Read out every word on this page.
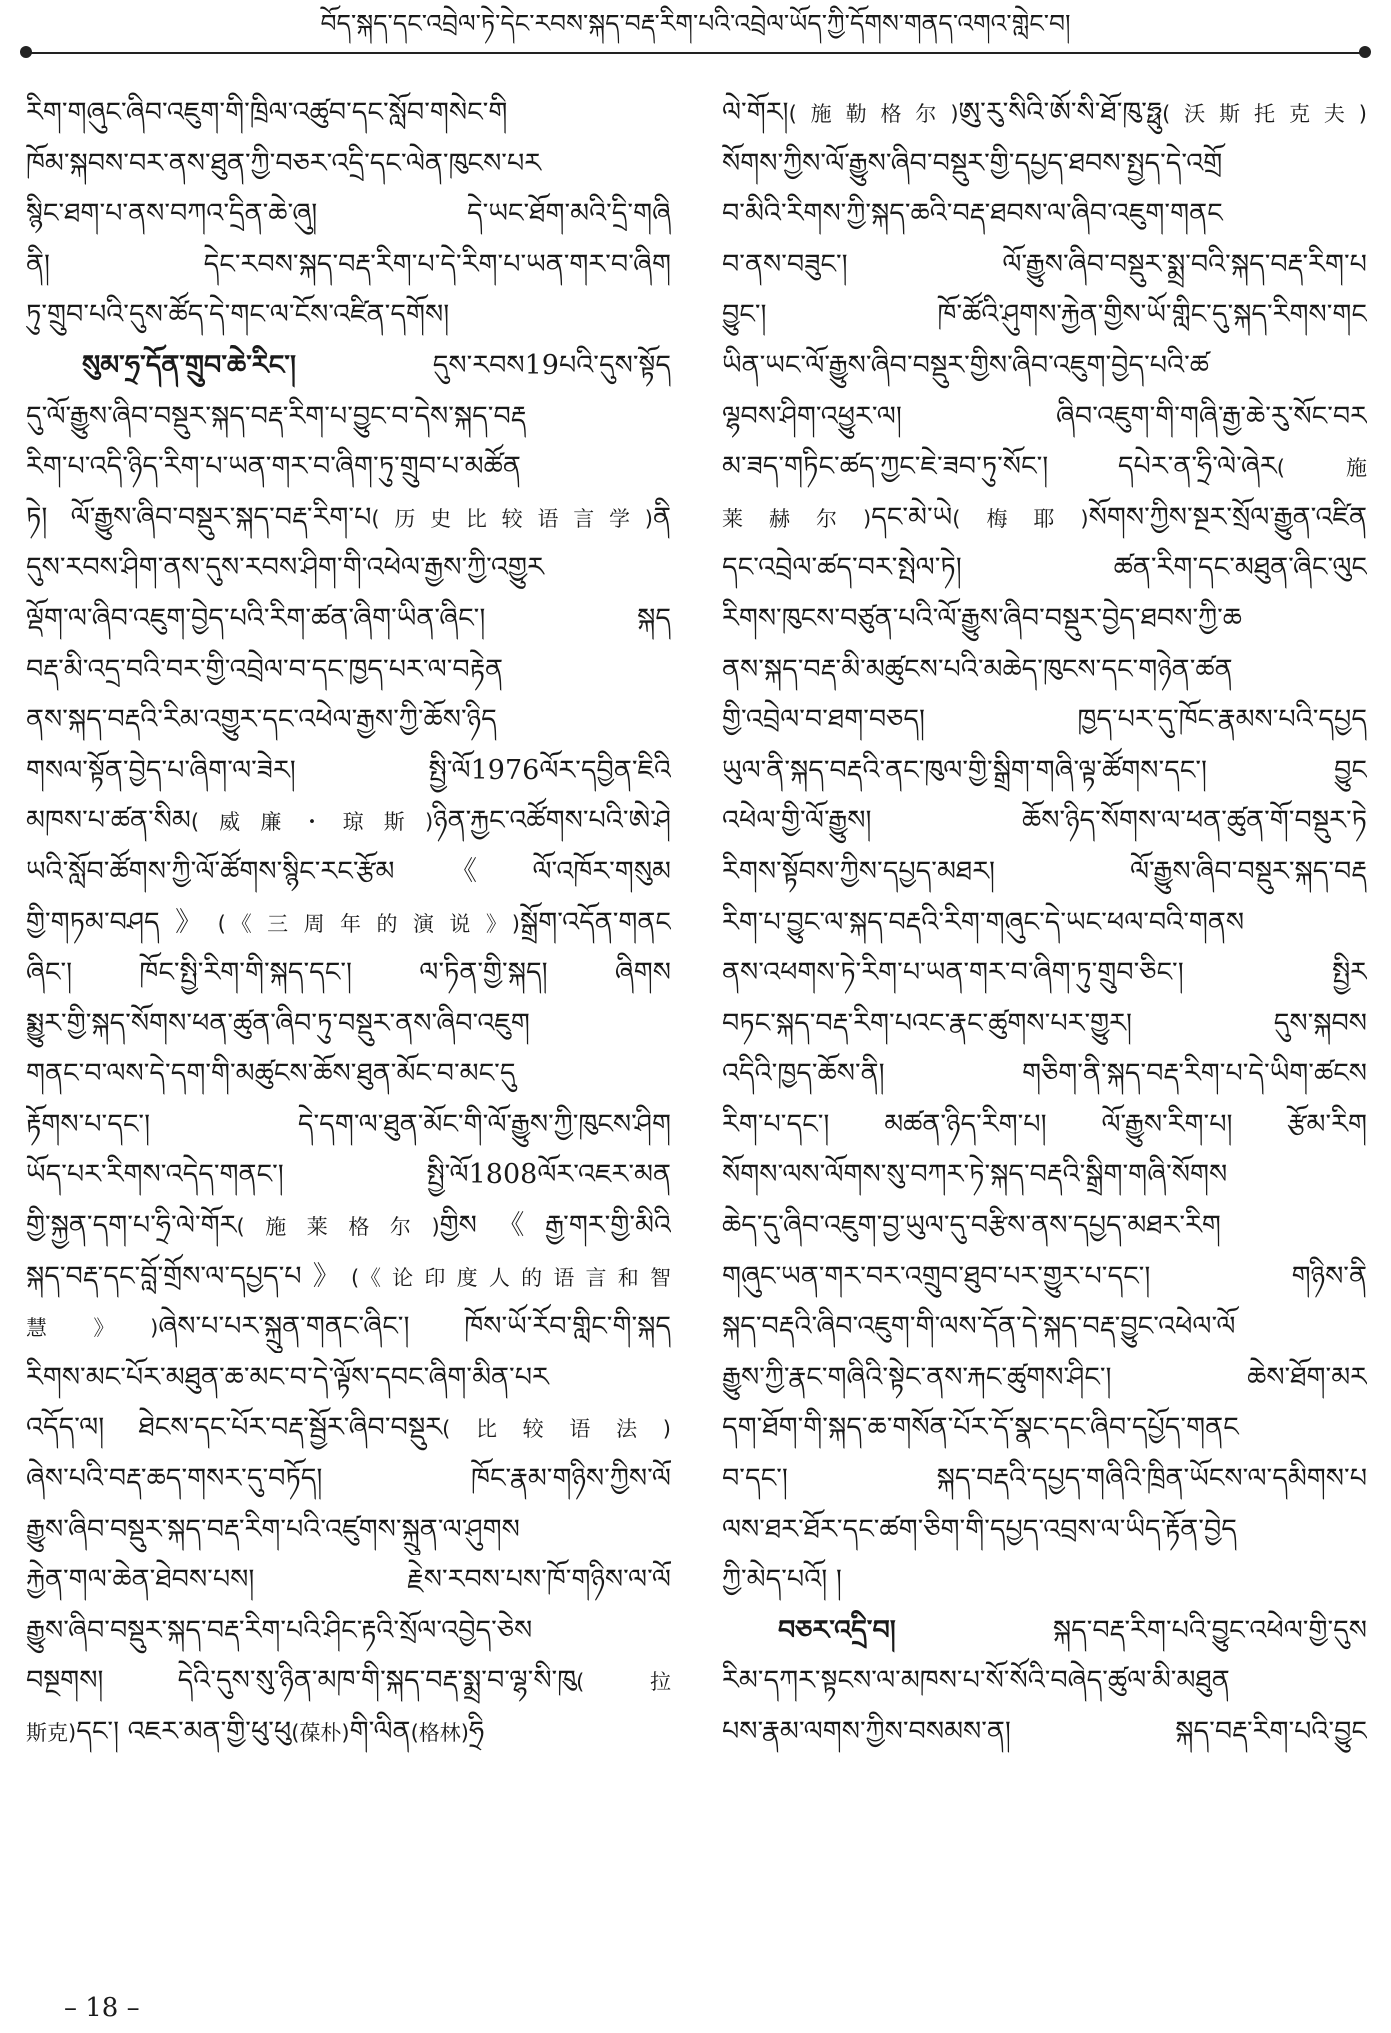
བོད་སྐད་དང་འབྲེལ་ཏེ་དེང་རབས་སྐད་བརྡ་རིག་པའི་འབྲེལ་ཡོད་ཀྱི་དོགས་གནད་འགའ་གླེང་བ།
རིག་གཞུང་ཞིབ་འཇུག་གི་ཁྲིལ་འཚུབ་དང་སློབ་གསེང་གི
ཁོམ་སྐབས་བར་ནས་ཐུན་ཀྱི་བཅར་འདྲི་དང་ལེན་ཁུངས་པར
སྙིང་ཐག་པ་ནས་བཀའ་དྲིན་ཆེ་ཞུ། དེ་ཡང་ཐོག་མའི་དྲི་གཞི
ནི། དེང་རབས་སྐད་བརྡ་རིག་པ་དེ་རིག་པ་ཡན་གར་བ་ཞིག
ཏུ་གྲུབ་པའི་དུས་ཚོད་དེ་གང་ལ་ངོས་འཛིན་དགོས།
སུམ་ཧྲ་དོན་གྲུབ་ཆེ་རིང་། དུས་རབས19པའི་དུས་སྟོད
དུ་ལོ་རྒྱུས་ཞིབ་བསྡུར་སྐད་བརྡ་རིག་པ་བྱུང་བ་དེས་སྐད་བརྡ
རིག་པ་འདི་ཉིད་རིག་པ་ཡན་གར་བ་ཞིག་ཏུ་གྲུབ་པ་མཚོན
ཏེ། ལོ་རྒྱུས་ཞིབ་བསྡུར་སྐད་བརྡ་རིག་པ(历史比较语言学)ནི
དུས་རབས་ཤིག་ནས་དུས་རབས་ཤིག་གི་འཕེལ་རྒྱས་ཀྱི་འགྱུར
ལྡོག་ལ་ཞིབ་འཇུག་བྱེད་པའི་རིག་ཚན་ཞིག་ཡིན་ཞིང་། སྐད
བརྡ་མི་འདྲ་བའི་བར་གྱི་འབྲེལ་བ་དང་ཁྱད་པར་ལ་བརྟེན
ནས་སྐད་བརྡའི་རིམ་འགྱུར་དང་འཕེལ་རྒྱས་ཀྱི་ཆོས་ཉིད
གསལ་སྟོན་བྱེད་པ་ཞིག་ལ་ཟེར། སྤྱི་ལོ1976ལོར་དབྱིན་ཇིའི
མཁས་པ་ཚན་སིམ(威廉・琼斯)ཉིན་རྐྱང་འཚོགས་པའི་ཨེ་ཤེ
ཡའི་སློབ་ཚོགས་ཀྱི་ལོ་ཚོགས་སྙིང་རང་རྩོམ《ལོ་འཁོར་གསུམ
གྱི་གཏམ་བཤད》(《三周年的演说》)སྒྲོག་འདོན་གནང
ཞིང་། ཁོང་སྤྱི་རིག་གི་སྐད་དང་། ལ་ཏིན་གྱི་སྐད། ཞིགས
སྨྱུར་གྱི་སྐད་སོགས་ཕན་ཚུན་ཞིབ་ཏུ་བསྡུར་ནས་ཞིབ་འཇུག
གནང་བ་ལས་དེ་དག་གི་མཚུངས་ཆོས་ཐུན་མོང་བ་མང་དུ
རྟོགས་པ་དང་། དེ་དག་ལ་ཐུན་མོང་གི་ལོ་རྒྱུས་ཀྱི་ཁུངས་ཤིག
ཡོད་པར་རིགས་འདེད་གནང་། སྤྱི་ལོ1808ལོར་འཇར་མན
གྱི་སྐྱན་དག་པ་ཧྲི་ལེ་གོར(施莱格尔)གྱིས《རྒྱ་གར་གྱི་མིའི
སྐད་བརྡ་དང་བློ་གྲོས་ལ་དཔྱད་པ》(《论印度人的语言和智
慧》)ཞེས་པ་པར་སྐྲུན་གནང་ཞིང་། ཁོས་ཡོ་རོབ་གླིང་གི་སྐད
རིགས་མང་པོར་མཐུན་ཆ་མང་བ་དེ་ལྟོས་དབང་ཞིག་མིན་པར
འདོད་ལ། ཐེངས་དང་པོར་བརྡ་སྦྱོར་ཞིབ་བསྡུར(比较语法)
ཞེས་པའི་བརྡ་ཆད་གསར་དུ་བཏོད། ཁོང་རྣམ་གཉིས་ཀྱིས་ལོ
རྒྱུས་ཞིབ་བསྡུར་སྐད་བརྡ་རིག་པའི་འཛུགས་སྐྲུན་ལ་ཤུགས
རྐྱེན་གལ་ཆེན་ཐེབས་པས། རྗེས་རབས་པས་ཁོ་གཉིས་ལ་ལོ
རྒྱུས་ཞིབ་བསྡུར་སྐད་བརྡ་རིག་པའི་ཤིང་རྟའི་སྲོལ་འབྱེད་ཅེས
བསྔགས། དེའི་དུས་སུ་ཉིན་མཁ་གི་སྐད་བརྡ་སྨྲ་བ་ལྷ་སི་ཁུ(拉
斯克)དང་། འཇར་མན་གྱི་ཕུ་ཕུ(葆朴)གི་ལིན(格林)ཧྲི
ལེ་གོར།(施勒格尔)ཨུ་རུ་སིའི་ཨོ་སི་ཐོ་ཁུ་ཧྥུ(沃斯托克夫)
སོགས་ཀྱིས་ལོ་རྒྱུས་ཞིབ་བསྡུར་གྱི་དཔྱད་ཐབས་སྤྱད་དེ་འགྲོ
བ་མིའི་རིགས་ཀྱི་སྐད་ཆའི་བརྡ་ཐབས་ལ་ཞིབ་འཇུག་གནང
བ་ནས་བཟུང་། ལོ་རྒྱུས་ཞིབ་བསྡུར་སྨྲ་བའི་སྐད་བརྡ་རིག་པ
བྱུང་། ཁོ་ཚོའི་ཤུགས་རྐྱེན་གྱིས་ཡོ་གླིང་དུ་སྐད་རིགས་གང
ཡིན་ཡང་ལོ་རྒྱུས་ཞིབ་བསྡུར་གྱིས་ཞིབ་འཇུག་བྱེད་པའི་ཚ
ལྷབས་ཤིག་འཕྱུར་ལ། ཞིབ་འཇུག་གི་གཞི་རྒྱ་ཆེ་རུ་སོང་བར
མ་ཟད་གཏིང་ཚད་ཀྱང་ཇེ་ཟབ་ཏུ་སོང་། དཔེར་ན་ཧྲི་ལེ་ཞེར(施
莱赫尔)དང་མེ་ཡེ(梅耶)སོགས་ཀྱིས་སྔར་སྲོལ་རྒྱུན་འཛིན
དང་འབྲེལ་ཚད་བར་སྤེལ་ཏེ། ཚན་རིག་དང་མཐུན་ཞིང་ལུང
རིགས་ཁུངས་བཙུན་པའི་ལོ་རྒྱུས་ཞིབ་བསྡུར་བྱེད་ཐབས་ཀྱི་ཆ
ནས་སྐད་བརྡ་མི་མཚུངས་པའི་མཆེད་ཁུངས་དང་གཉེན་ཚན
གྱི་འབྲེལ་བ་ཐག་བཅད། ཁྱད་པར་དུ་ཁོང་རྣམས་པའི་དཔྱད
ཡུལ་ནི་སྐད་བརྡའི་ནང་ཁུལ་གྱི་སྒྲིག་གཞི་ལྟ་ཚོགས་དང་། བྱུང
འཕེལ་གྱི་ལོ་རྒྱུས། ཆོས་ཉིད་སོགས་ལ་ཕན་ཚུན་གོ་བསྡུར་ཏེ
རིགས་སྟོབས་ཀྱིས་དཔྱད་མཐར། ལོ་རྒྱུས་ཞིབ་བསྡུར་སྐད་བརྡ
རིག་པ་བྱུང་ལ་སྐད་བརྡའི་རིག་གཞུང་དེ་ཡང་ཕལ་བའི་གནས
ནས་འཕགས་ཏེ་རིག་པ་ཡན་གར་བ་ཞིག་ཏུ་གྲུབ་ཅིང་། སྤྱིར
བཏང་སྐད་བརྡ་རིག་པའང་རྣང་ཚུགས་པར་གྱུར། དུས་སྐབས
འདིའི་ཁྱད་ཆོས་ནི། གཅིག་ནི་སྐད་བརྡ་རིག་པ་དེ་ཡིག་ཚངས
རིག་པ་དང་། མཚན་ཉིད་རིག་པ། ལོ་རྒྱུས་རིག་པ། རྩོམ་རིག
སོགས་ལས་ལོགས་སུ་བཀར་ཏེ་སྐད་བརྡའི་སྒྲིག་གཞི་སོགས
ཆེད་དུ་ཞིབ་འཇུག་བྱ་ཡུལ་དུ་བརྩིས་ནས་དཔྱད་མཐར་རིག
གཞུང་ཡན་གར་བར་འགྲུབ་ཐུབ་པར་གྱུར་པ་དང་། གཉིས་ནི
སྐད་བརྡའི་ཞིབ་འཇུག་གི་ལས་དོན་དེ་སྐད་བརྡ་བྱུང་འཕེལ་ལོ
རྒྱུས་ཀྱི་རྣང་གཞིའི་སྟེང་ནས་རྐང་ཚུགས་ཤིང་། ཆེས་ཐོག་མར
དག་ཐོག་གི་སྐད་ཆ་གསོན་པོར་དོ་སྣང་དང་ཞིབ་དཔྱོད་གནང
བ་དང་། སྐད་བརྡའི་དཔྱད་གཞིའི་ཁྲིན་ཡོངས་ལ་དམིགས་པ
ལས་ཐར་ཐོར་དང་ཚག་ཅིག་གི་དཔྱད་འབྲས་ལ་ཡིད་རྟོན་བྱེད
ཀྱི་མེད་པའོ། །
བཅར་འདྲི་བ། སྐད་བརྡ་རིག་པའི་བྱུང་འཕེལ་གྱི་དུས
རིམ་དཀར་སྟངས་ལ་མཁས་པ་སོ་སོའི་བཞེད་ཚུལ་མི་མཐུན
པས་རྣམ་ལགས་ཀྱིས་བསམས་ན། སྐད་བརྡ་རིག་པའི་བྱུང
– 18 –
